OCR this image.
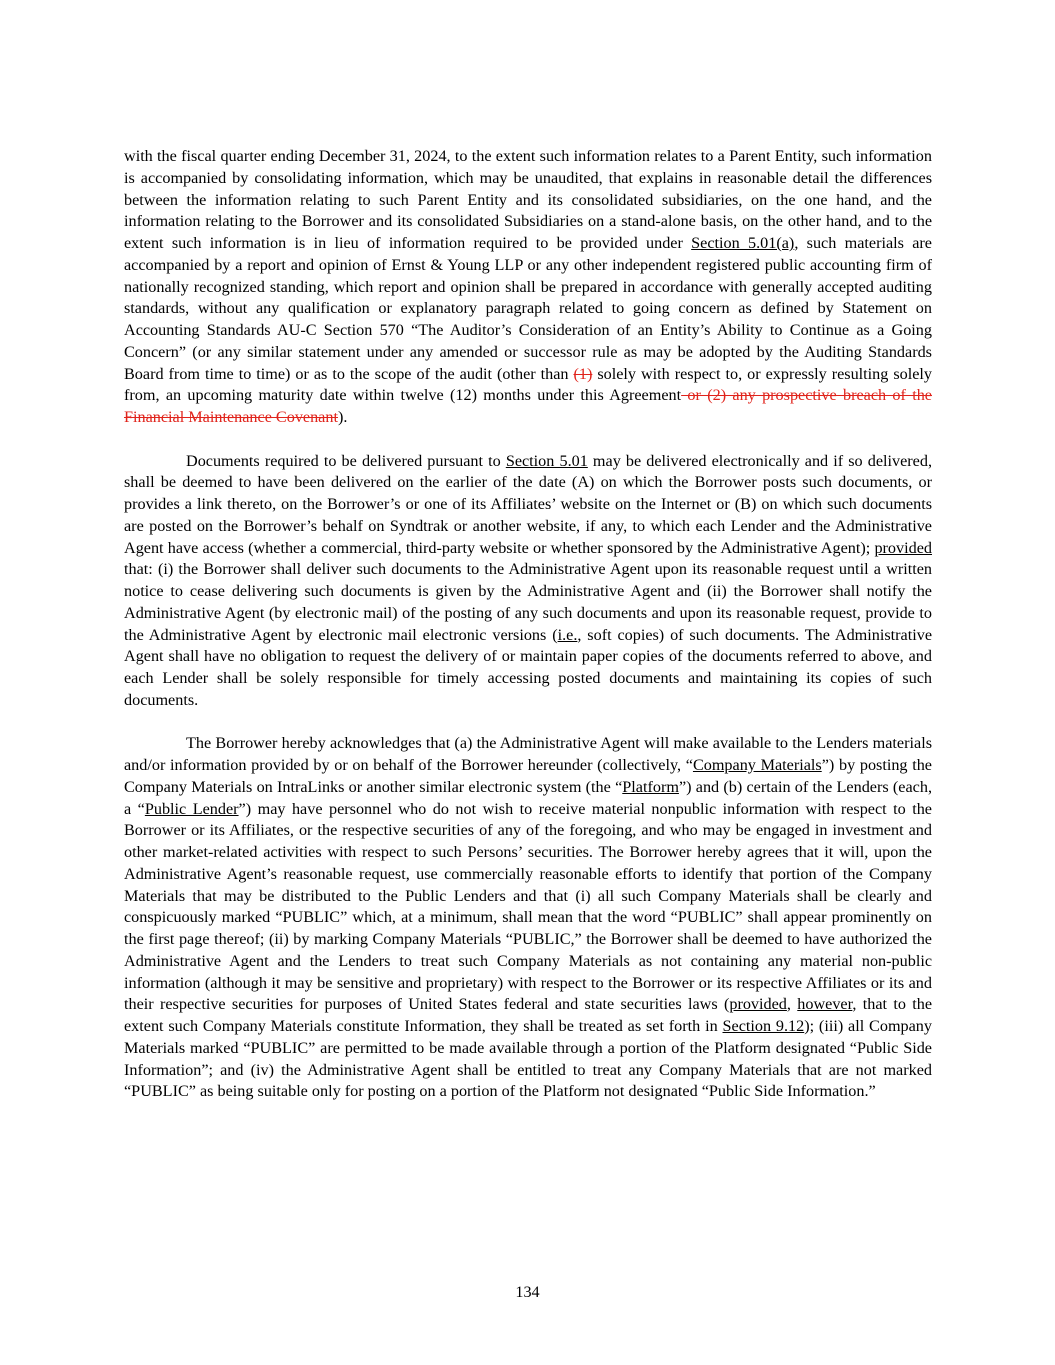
with the fiscal quarter ending December 31, 2024, to the extent such information relates to a Parent Entity, such information is accompanied by consolidating information, which may be unaudited, that explains in reasonable detail the differences between the information relating to such Parent Entity and its consolidated subsidiaries, on the one hand, and the information relating to the Borrower and its consolidated Subsidiaries on a stand-alone basis, on the other hand, and to the extent such information is in lieu of information required to be provided under Section 5.01(a), such materials are accompanied by a report and opinion of Ernst & Young LLP or any other independent registered public accounting firm of nationally recognized standing, which report and opinion shall be prepared in accordance with generally accepted auditing standards, without any qualification or explanatory paragraph related to going concern as defined by Statement on Accounting Standards AU-C Section 570 “The Auditor’s Consideration of an Entity’s Ability to Continue as a Going Concern” (or any similar statement under any amended or successor rule as may be adopted by the Auditing Standards Board from time to time) or as to the scope of the audit (other than (1) solely with respect to, or expressly resulting solely from, an upcoming maturity date within twelve (12) months under this Agreement or (2) any prospective breach of the Financial Maintenance Covenant).

Documents required to be delivered pursuant to Section 5.01 may be delivered electronically and if so delivered, shall be deemed to have been delivered on the earlier of the date (A) on which the Borrower posts such documents, or provides a link thereto, on the Borrower’s or one of its Affiliates’ website on the Internet or (B) on which such documents are posted on the Borrower’s behalf on Syndtrak or another website, if any, to which each Lender and the Administrative Agent have access (whether a commercial, third-party website or whether sponsored by the Administrative Agent); provided that: (i) the Borrower shall deliver such documents to the Administrative Agent upon its reasonable request until a written notice to cease delivering such documents is given by the Administrative Agent and (ii) the Borrower shall notify the Administrative Agent (by electronic mail) of the posting of any such documents and upon its reasonable request, provide to the Administrative Agent by electronic mail electronic versions (i.e., soft copies) of such documents. The Administrative Agent shall have no obligation to request the delivery of or maintain paper copies of the documents referred to above, and each Lender shall be solely responsible for timely accessing posted documents and maintaining its copies of such documents.

The Borrower hereby acknowledges that (a) the Administrative Agent will make available to the Lenders materials and/or information provided by or on behalf of the Borrower hereunder (collectively, “Company Materials”) by posting the Company Materials on IntraLinks or another similar electronic system (the “Platform”) and (b) certain of the Lenders (each, a “Public Lender”) may have personnel who do not wish to receive material nonpublic information with respect to the Borrower or its Affiliates, or the respective securities of any of the foregoing, and who may be engaged in investment and other market-related activities with respect to such Persons’ securities. The Borrower hereby agrees that it will, upon the Administrative Agent’s reasonable request, use commercially reasonable efforts to identify that portion of the Company Materials that may be distributed to the Public Lenders and that (i) all such Company Materials shall be clearly and conspicuously marked “PUBLIC” which, at a minimum, shall mean that the word “PUBLIC” shall appear prominently on the first page thereof; (ii) by marking Company Materials “PUBLIC,” the Borrower shall be deemed to have authorized the Administrative Agent and the Lenders to treat such Company Materials as not containing any material non-public information (although it may be sensitive and proprietary) with respect to the Borrower or its respective Affiliates or its and their respective securities for purposes of United States federal and state securities laws (provided, however, that to the extent such Company Materials constitute Information, they shall be treated as set forth in Section 9.12); (iii) all Company Materials marked “PUBLIC” are permitted to be made available through a portion of the Platform designated “Public Side Information”; and (iv) the Administrative Agent shall be entitled to treat any Company Materials that are not marked “PUBLIC” as being suitable only for posting on a portion of the Platform not designated “Public Side Information.”

134
